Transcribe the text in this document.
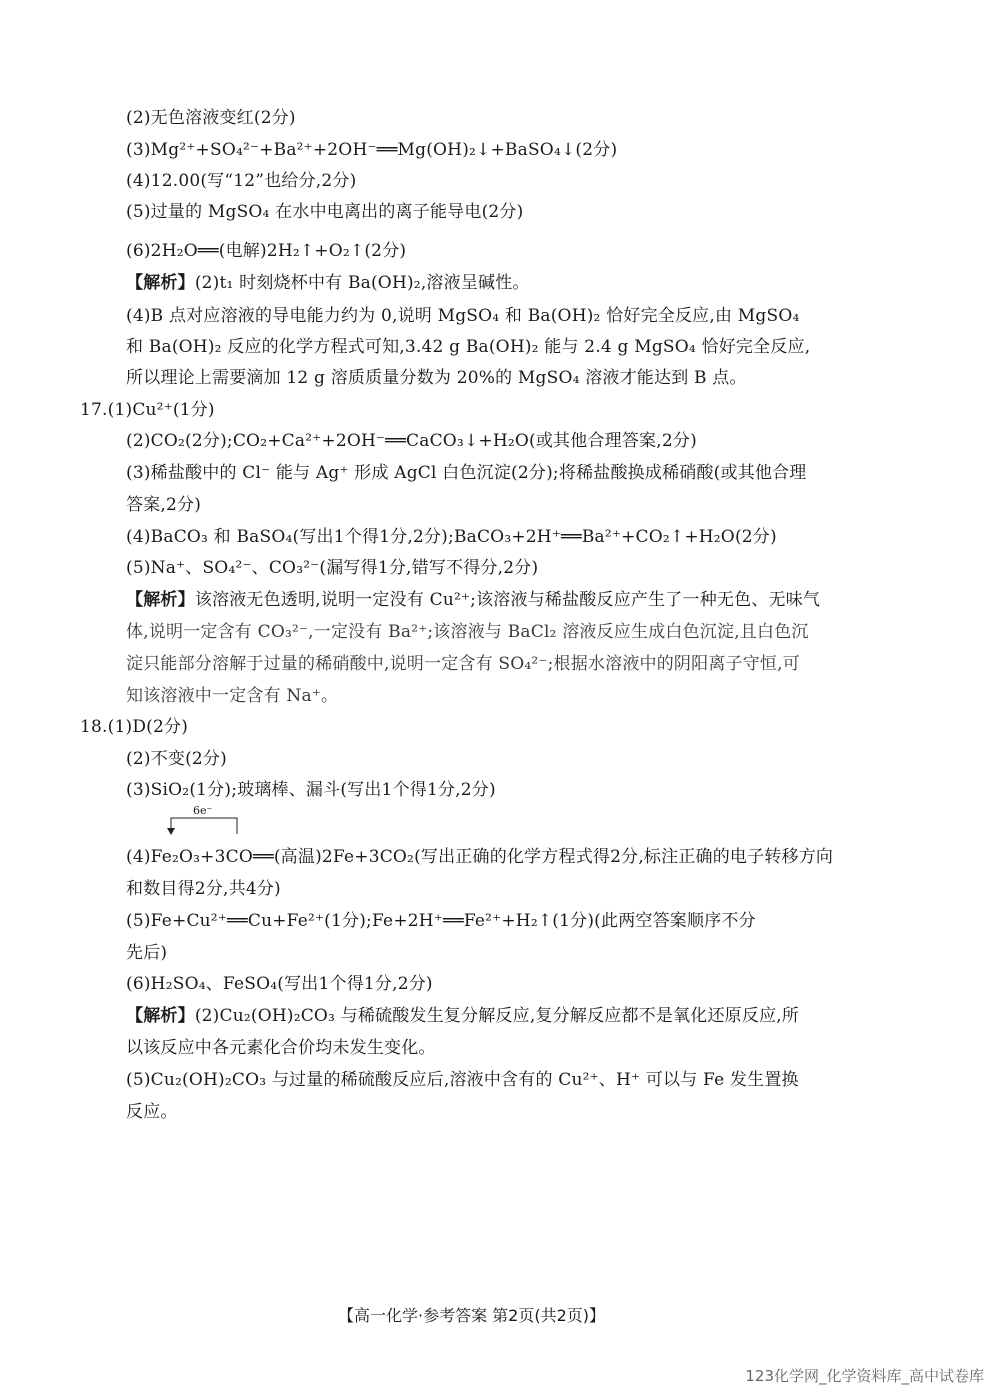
(2)无色溶液变红(2分)
(3)Mg²⁺+SO₄²⁻+Ba²⁺+2OH⁻══Mg(OH)₂↓+BaSO₄↓(2分)
(4)12.00(写“12”也给分,2分)
(5)过量的 MgSO₄ 在水中电离出的离子能导电(2分)
(6)2H₂O══(电解)2H₂↑+O₂↑(2分)
【解析】(2)t₁ 时刻烧杯中有 Ba(OH)₂,溶液呈碱性。
(4)B 点对应溶液的导电能力约为 0,说明 MgSO₄ 和 Ba(OH)₂ 恰好完全反应,由 MgSO₄
和 Ba(OH)₂ 反应的化学方程式可知,3.42 g Ba(OH)₂ 能与 2.4 g MgSO₄ 恰好完全反应,
所以理论上需要滴加 12 g 溶质质量分数为 20%的 MgSO₄ 溶液才能达到 B 点。
17.(1)Cu²⁺(1分)
(2)CO₂(2分);CO₂+Ca²⁺+2OH⁻══CaCO₃↓+H₂O(或其他合理答案,2分)
(3)稀盐酸中的 Cl⁻ 能与 Ag⁺ 形成 AgCl 白色沉淀(2分);将稀盐酸换成稀硝酸(或其他合理
答案,2分)
(4)BaCO₃ 和 BaSO₄(写出1个得1分,2分);BaCO₃+2H⁺══Ba²⁺+CO₂↑+H₂O(2分)
(5)Na⁺、SO₄²⁻、CO₃²⁻(漏写得1分,错写不得分,2分)
【解析】该溶液无色透明,说明一定没有 Cu²⁺;该溶液与稀盐酸反应产生了一种无色、无味气
体,说明一定含有 CO₃²⁻,一定没有 Ba²⁺;该溶液与 BaCl₂ 溶液反应生成白色沉淀,且白色沉
淀只能部分溶解于过量的稀硝酸中,说明一定含有 SO₄²⁻;根据水溶液中的阴阳离子守恒,可
知该溶液中一定含有 Na⁺。
18.(1)D(2分)
(2)不变(2分)
(3)SiO₂(1分);玻璃棒、漏斗(写出1个得1分,2分)
6e⁻
(4)Fe₂O₃+3CO══(高温)2Fe+3CO₂(写出正确的化学方程式得2分,标注正确的电子转移方向
和数目得2分,共4分)
(5)Fe+Cu²⁺══Cu+Fe²⁺(1分);Fe+2H⁺══Fe²⁺+H₂↑(1分)(此两空答案顺序不分
先后)
(6)H₂SO₄、FeSO₄(写出1个得1分,2分)
【解析】(2)Cu₂(OH)₂CO₃ 与稀硫酸发生复分解反应,复分解反应都不是氧化还原反应,所
以该反应中各元素化合价均未发生变化。
(5)Cu₂(OH)₂CO₃ 与过量的稀硫酸反应后,溶液中含有的 Cu²⁺、H⁺ 可以与 Fe 发生置换
反应。
【高一化学·参考答案 第2页(共2页)】
123化学网_化学资料库_高中试卷库
